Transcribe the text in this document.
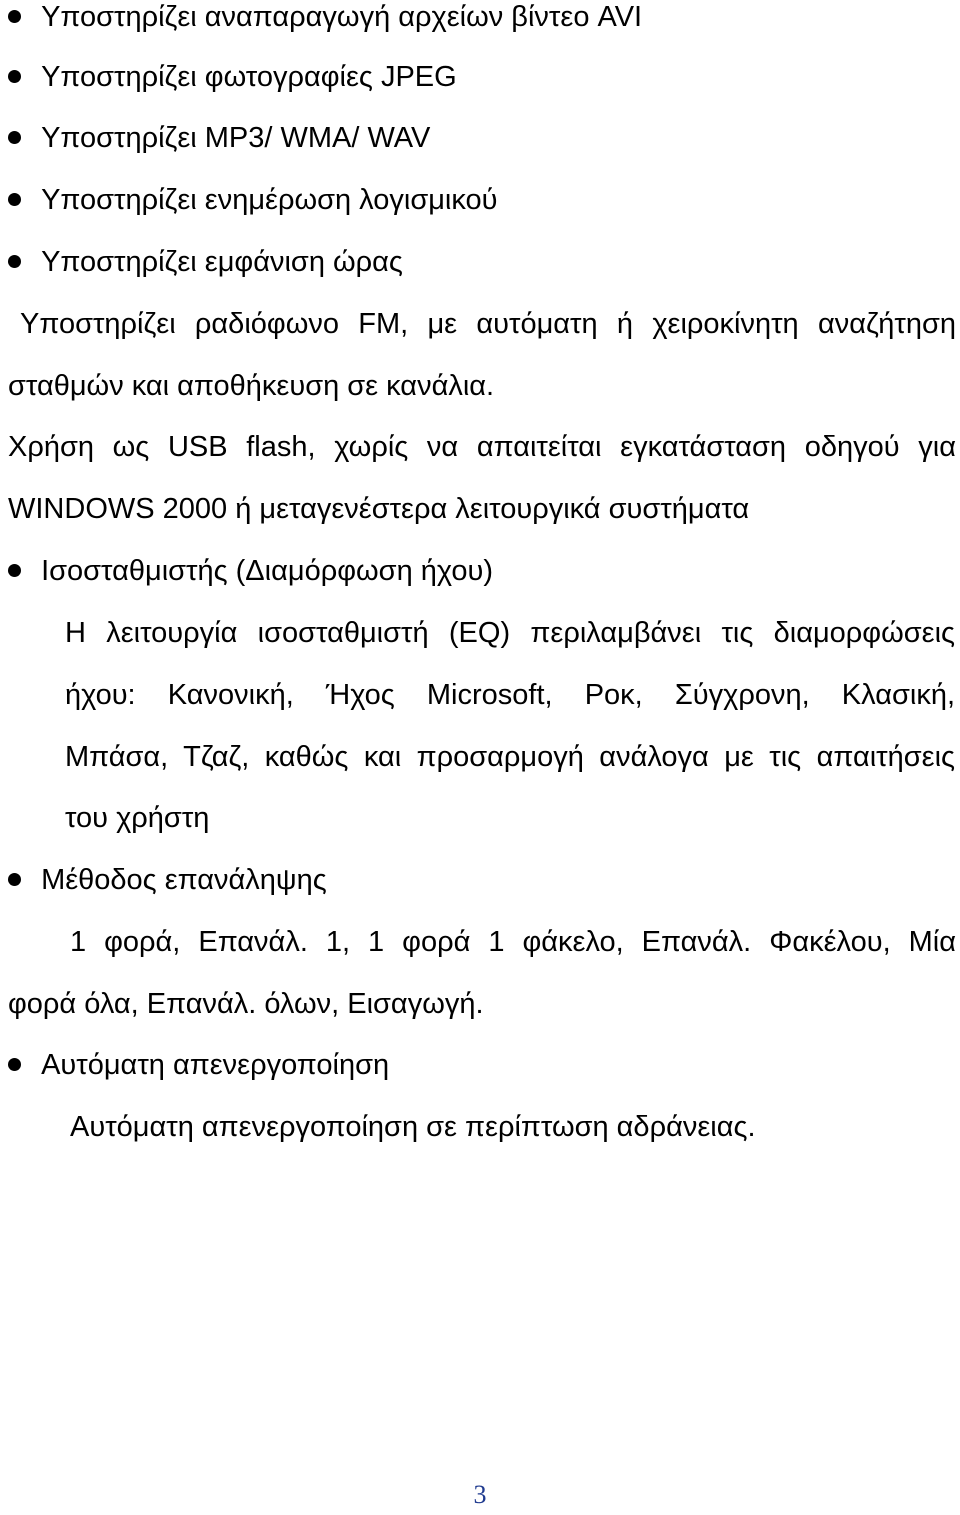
Υποστηρίζει αναπαραγωγή αρχείων βίντεο AVI
Υποστηρίζει φωτογραφίες JPEG
Υποστηρίζει MP3/ WMA/ WAV
Υποστηρίζει ενημέρωση λογισμικού
Υποστηρίζει εμφάνιση ώρας
Υποστηρίζει ραδιόφωνο FM, με αυτόματη ή χειροκίνητη αναζήτηση
σταθμών και αποθήκευση σε κανάλια.
Χρήση ως USB flash, χωρίς να απαιτείται εγκατάσταση οδηγού για
WINDOWS 2000 ή μεταγενέστερα λειτουργικά συστήματα
Ισοσταθμιστής (Διαμόρφωση ήχου)
Η λειτουργία ισοσταθμιστή (EQ) περιλαμβάνει τις διαμορφώσεις
ήχου: Κανονική, Ήχος Microsoft, Ροκ, Σύγχρονη, Κλασική,
Μπάσα, Τζαζ, καθώς και προσαρμογή ανάλογα με τις απαιτήσεις
του χρήστη
Μέθοδος επανάληψης
1 φορά, Επανάλ. 1, 1 φορά 1 φάκελο, Επανάλ. Φακέλου, Μία
φορά όλα, Επανάλ. όλων, Εισαγωγή.
Αυτόματη απενεργοποίηση
Αυτόματη απενεργοποίηση σε περίπτωση αδράνειας.
3
